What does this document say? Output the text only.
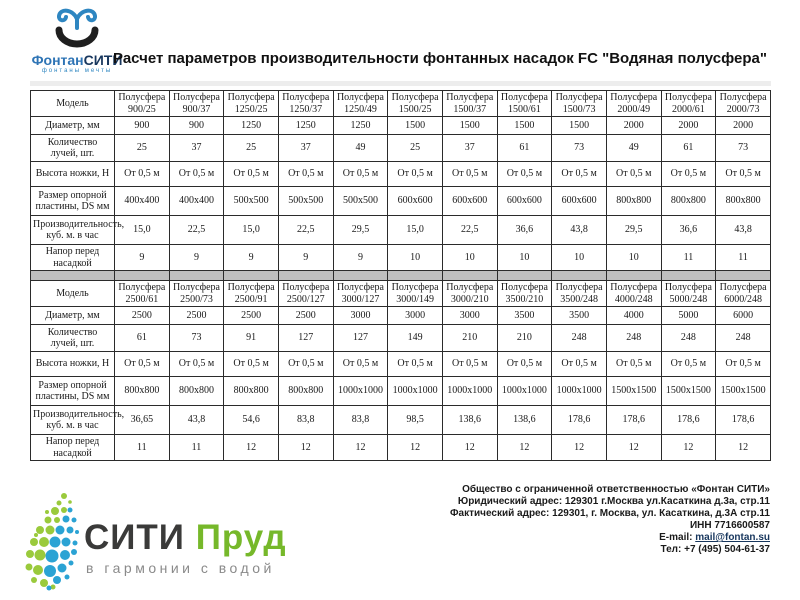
ФонтанСИТИ
фонтаны мечты
Расчет параметров производительности фонтанных насадок FC "Водяная полусфера"
Модель	Полусфера 900/25	Полусфера 900/37	Полусфера 1250/25	Полусфера 1250/37	Полусфера 1250/49	Полусфера 1500/25	Полусфера 1500/37	Полусфера 1500/61	Полусфера 1500/73	Полусфера 2000/49	Полусфера 2000/61	Полусфера 2000/73
Диаметр, мм	900	900	1250	1250	1250	1500	1500	1500	1500	2000	2000	2000
Количество лучей, шт.	25	37	25	37	49	25	37	61	73	49	61	73
Высота ножки, Н	От 0,5 м	От 0,5 м	От 0,5 м	От 0,5 м	От 0,5 м	От 0,5 м	От 0,5 м	От 0,5 м	От 0,5 м	От 0,5 м	От 0,5 м	От 0,5 м
Размер опорной пластины, DS мм	400x400	400x400	500x500	500x500	500x500	600x600	600x600	600x600	600x600	800x800	800x800	800x800
Производительность, куб. м. в час	15,0	22,5	15,0	22,5	29,5	15,0	22,5	36,6	43,8	29,5	36,6	43,8
Напор перед насадкой	9	9	9	9	9	10	10	10	10	10	11	11

Модель	Полусфера 2500/61	Полусфера 2500/73	Полусфера 2500/91	Полусфера 2500/127	Полусфера 3000/127	Полусфера 3000/149	Полусфера 3000/210	Полусфера 3500/210	Полусфера 3500/248	Полусфера 4000/248	Полусфера 5000/248	Полусфера 6000/248
Диаметр, мм	2500	2500	2500	2500	3000	3000	3000	3500	3500	4000	5000	6000
Количество лучей, шт.	61	73	91	127	127	149	210	210	248	248	248	248
Высота ножки, Н	От 0,5 м	От 0,5 м	От 0,5 м	От 0,5 м	От 0,5 м	От 0,5 м	От 0,5 м	От 0,5 м	От 0,5 м	От 0,5 м	От 0,5 м	От 0,5 м
Размер опорной пластины, DS мм	800x800	800x800	800x800	800x800	1000x1000	1000x1000	1000x1000	1000x1000	1000x1000	1500x1500	1500x1500	1500x1500
Производительность, куб. м. в час	36,65	43,8	54,6	83,8	83,8	98,5	138,6	138,6	178,6	178,6	178,6	178,6
Напор перед насадкой	11	11	12	12	12	12	12	12	12	12	12	12
СИТИ Пруд
в гармонии с водой
Общество с ограниченной ответственностью «Фонтан СИТИ»
Юридический адрес: 129301 г.Москва ул.Касаткина д.3а, стр.11
Фактический адрес: 129301, г. Москва, ул. Касаткина, д.3А стр.11
ИНН 7716600587
E-mail: mail@fontan.su
Тел: +7 (495) 504-61-37
